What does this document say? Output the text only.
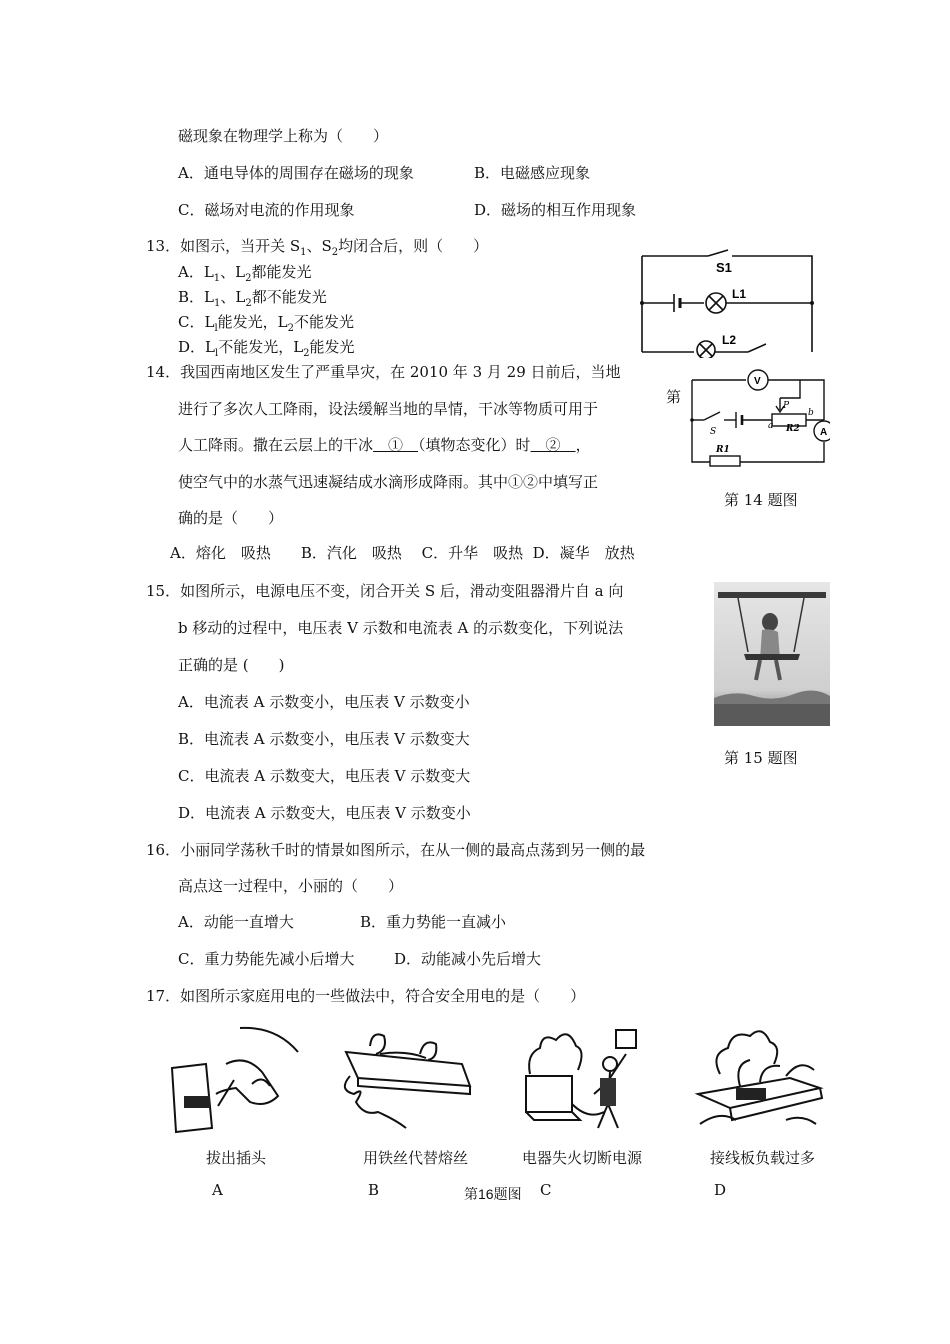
磁现象在物理学上称为（　　）
A．通电导体的周围存在磁场的现象	B．电磁感应现象
C．磁场对电流的作用现象	D．磁场的相互作用现象
13．如图示，当开关 $S_1$、$S_2$均闭合后，则（　　）
A．$L_1$、$L_2$都能发光
B．$L_1$、$L_2$都不能发光
C．$L_l$能发光，$L_2$不能发光
D．$L_l$不能发光，$L_2$能发光
S1
L1
L2
14．我国西南地区发生了严重旱灾，在 2010 年 3 月 29 日前后，当地
进行了多次人工降雨，设法缓解当地的旱情，干冰等物质可用于
人工降雨。撒在云层上的干冰　①　（填物态变化）时　②　，
使空气中的水蒸气迅速凝结成水滴形成降雨。其中①②中填写正
确的是（　　）
A．熔化　吸热　　B．汽化　吸热　 C．升华　吸热  D．凝华　放热
第
V
A
P
S	R2
a
b
R1
第 14 题图
15．如图所示，电源电压不变，闭合开关 S 后，滑动变阻器滑片自 a 向
b 移动的过程中，电压表 V 示数和电流表 A 的示数变化，下列说法
正确的是 (　　)
A．电流表 A 示数变小，电压表 V 示数变小
B．电流表 A 示数变小，电压表 V 示数变大
C．电流表 A 示数变大，电压表 V 示数变大
D．电流表 A 示数变大，电压表 V 示数变小
第 15 题图
16．小丽同学荡秋千时的情景如图所示，在从一侧的最高点荡到另一侧的最
高点这一过程中，小丽的（　　）
A．动能一直增大	B．重力势能一直减小
C．重力势能先减小后增大	D．动能减小先后增大
17．如图所示家庭用电的一些做法中，符合安全用电的是（　　）
拔出插头	用铁丝代替熔丝	电器失火切断电源	接线板负载过多
A	B	第16题图 C	D
